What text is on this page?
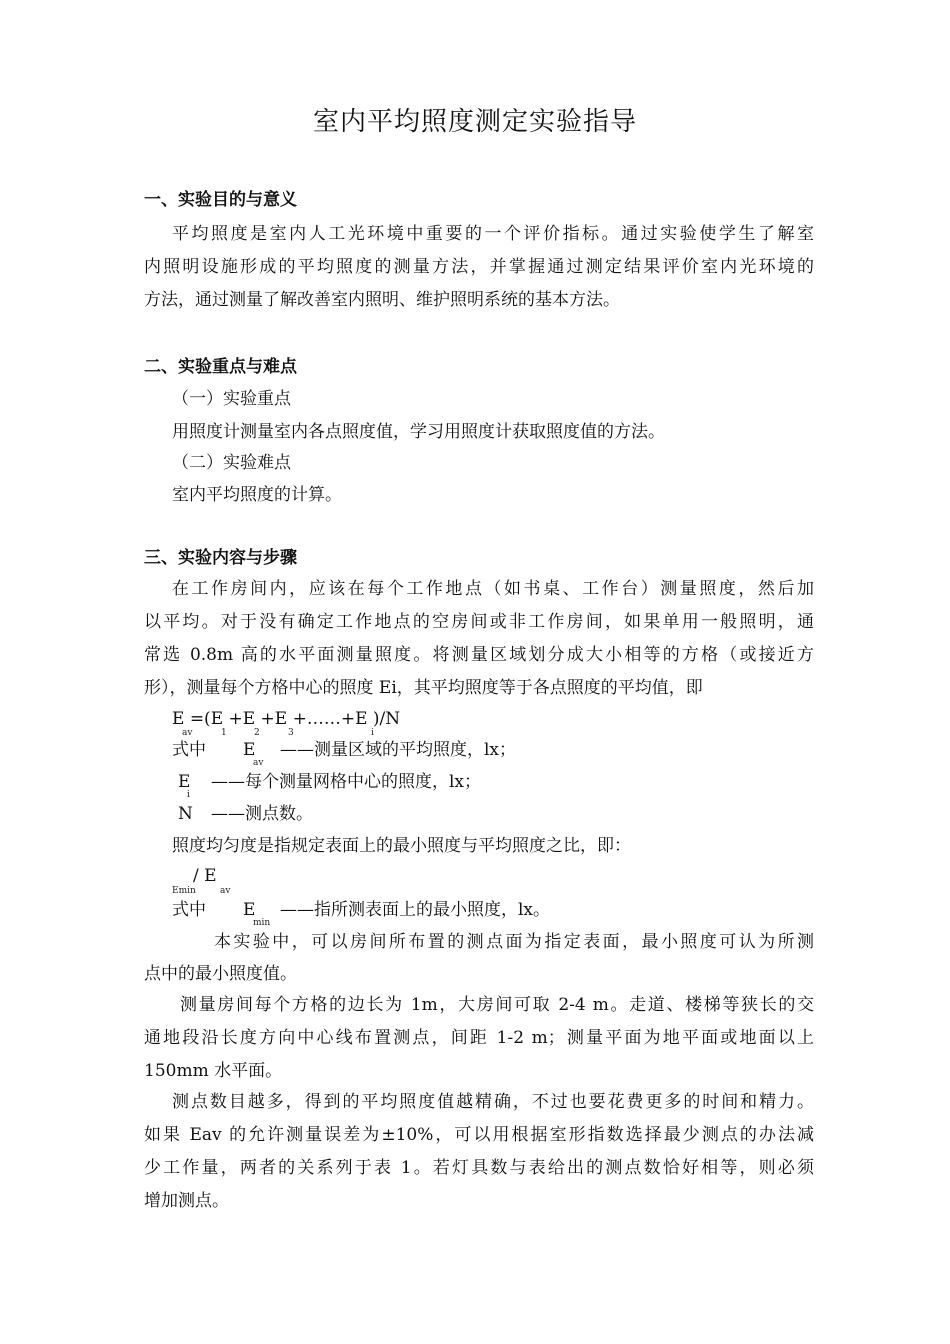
室内平均照度测定实验指导
一、实验目的与意义
平均照度是室内人工光环境中重要的一个评价指标。通过实验使学生了解室
内照明设施形成的平均照度的测量方法，并掌握通过测定结果评价室内光环境的
方法，通过测量了解改善室内照明、维护照明系统的基本方法。
二、实验重点与难点
（一）实验重点
用照度计测量室内各点照度值，学习用照度计获取照度值的方法。
（二）实验难点
室内平均照度的计算。
三、实验内容与步骤
在工作房间内，应该在每个工作地点（如书桌、工作台）测量照度，然后加
以平均。对于没有确定工作地点的空房间或非工作房间，如果单用一般照明，通
常选 0.8m 高的水平面测量照度。将测量区域划分成大小相等的方格（或接近方
形），测量每个方格中心的照度 Ei，其平均照度等于各点照度的平均值，即
E =(E +E +E +……+E )/N
av	1	2	3	i
式中 E
av
——测量区域的平均照度，lx；
E
i
——每个测量网格中心的照度，lx；
N ——测点数。
照度均匀度是指规定表面上的最小照度与平均照度之比，即：
/ E
Emin	av
式中 E
min
——指所测表面上的最小照度，lx。
本实验中，可以房间所布置的测点面为指定表面，最小照度可认为所测
点中的最小照度值。
测量房间每个方格的边长为 1m，大房间可取 2-4 m。走道、楼梯等狭长的交
通地段沿长度方向中心线布置测点，间距 1-2 m；测量平面为地平面或地面以上
150mm 水平面。
测点数目越多，得到的平均照度值越精确，不过也要花费更多的时间和精力。
如果 Eav 的允许测量误差为±10%，可以用根据室形指数选择最少测点的办法减
少工作量，两者的关系列于表 1。若灯具数与表给出的测点数恰好相等，则必须
增加测点。
